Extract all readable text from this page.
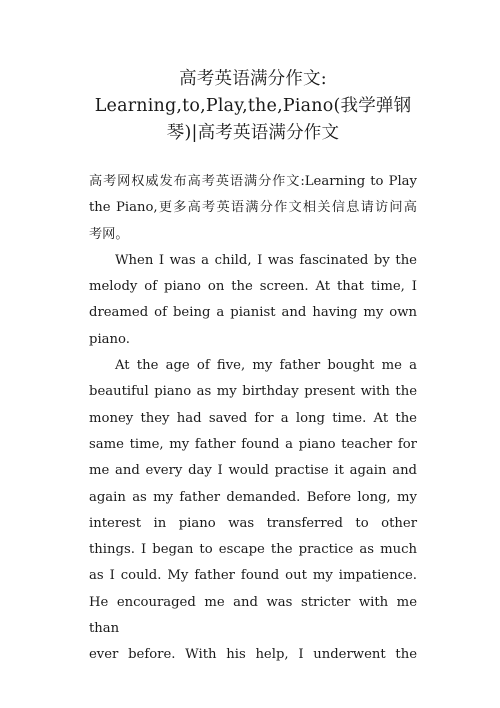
高考英语满分作文:
Learning,to,Play,the,Piano(我学弹钢
琴)|高考英语满分作文

高考网权威发布高考英语满分作文:Learning to Play
the Piano,更多高考英语满分作文相关信息请访问高
考网。

When I was a child, I was fascinated by the
melody of piano on the screen. At that time, I
dreamed of being a pianist and having my own
piano.

At the age of five, my father bought me a
beautiful piano as my birthday present with the
money they had saved for a long time. At the
same time, my father found a piano teacher for
me and every day I would practise it again and
again as my father demanded. Before long, my
interest in piano was transferred to other
things. I began to escape the practice as much
as I could. My father found out my impatience.
He encouraged me and was stricter with me than
ever before. With his help, I underwent the
